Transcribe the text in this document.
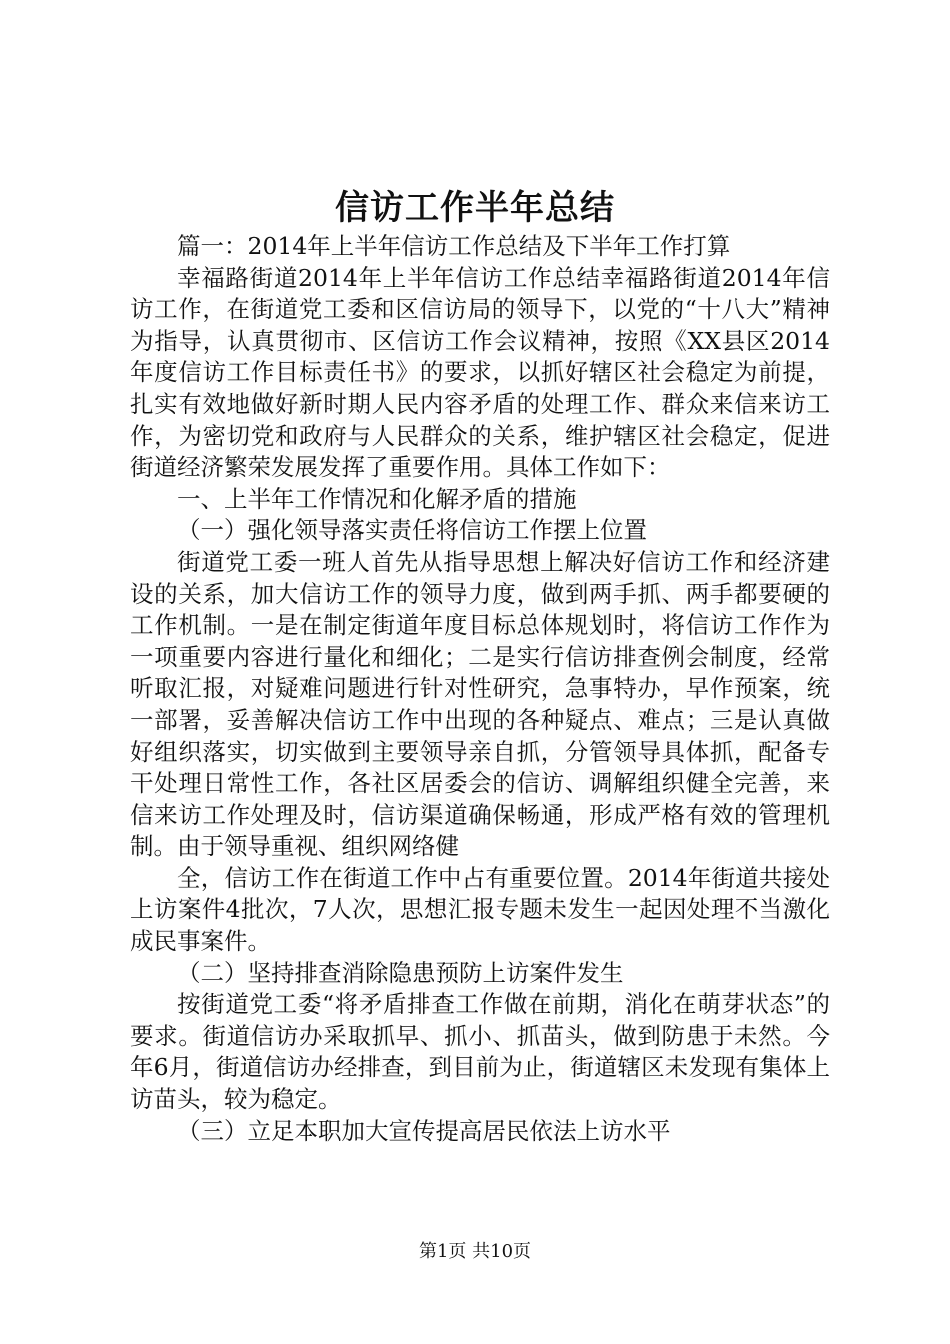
信访工作半年总结

篇一：2014年上半年信访工作总结及下半年工作打算

幸福路街道2014年上半年信访工作总结幸福路街道2014年信访工作，在街道党工委和区信访局的领导下，以党的“十八大”精神为指导，认真贯彻市、区信访工作会议精神，按照《XX县区2014年度信访工作目标责任书》的要求，以抓好辖区社会稳定为前提，扎实有效地做好新时期人民内容矛盾的处理工作、群众来信来访工作，为密切党和政府与人民群众的关系，维护辖区社会稳定，促进街道经济繁荣发展发挥了重要作用。具体工作如下：

一、上半年工作情况和化解矛盾的措施

（一）强化领导落实责任将信访工作摆上位置

街道党工委一班人首先从指导思想上解决好信访工作和经济建设的关系，加大信访工作的领导力度，做到两手抓、两手都要硬的工作机制。一是在制定街道年度目标总体规划时，将信访工作作为一项重要内容进行量化和细化；二是实行信访排查例会制度，经常听取汇报，对疑难问题进行针对性研究，急事特办，早作预案，统一部署，妥善解决信访工作中出现的各种疑点、难点；三是认真做好组织落实，切实做到主要领导亲自抓，分管领导具体抓，配备专干处理日常性工作，各社区居委会的信访、调解组织健全完善，来信来访工作处理及时，信访渠道确保畅通，形成严格有效的管理机制。由于领导重视、组织网络健

全，信访工作在街道工作中占有重要位置。2014年街道共接处上访案件4批次，7人次，思想汇报专题未发生一起因处理不当激化成民事案件。

（二）坚持排查消除隐患预防上访案件发生

按街道党工委“将矛盾排查工作做在前期，消化在萌芽状态”的要求。街道信访办采取抓早、抓小、抓苗头，做到防患于未然。今年6月，街道信访办经排查，到目前为止，街道辖区未发现有集体上访苗头，较为稳定。

（三）立足本职加大宣传提高居民依法上访水平

第1页 共10页
